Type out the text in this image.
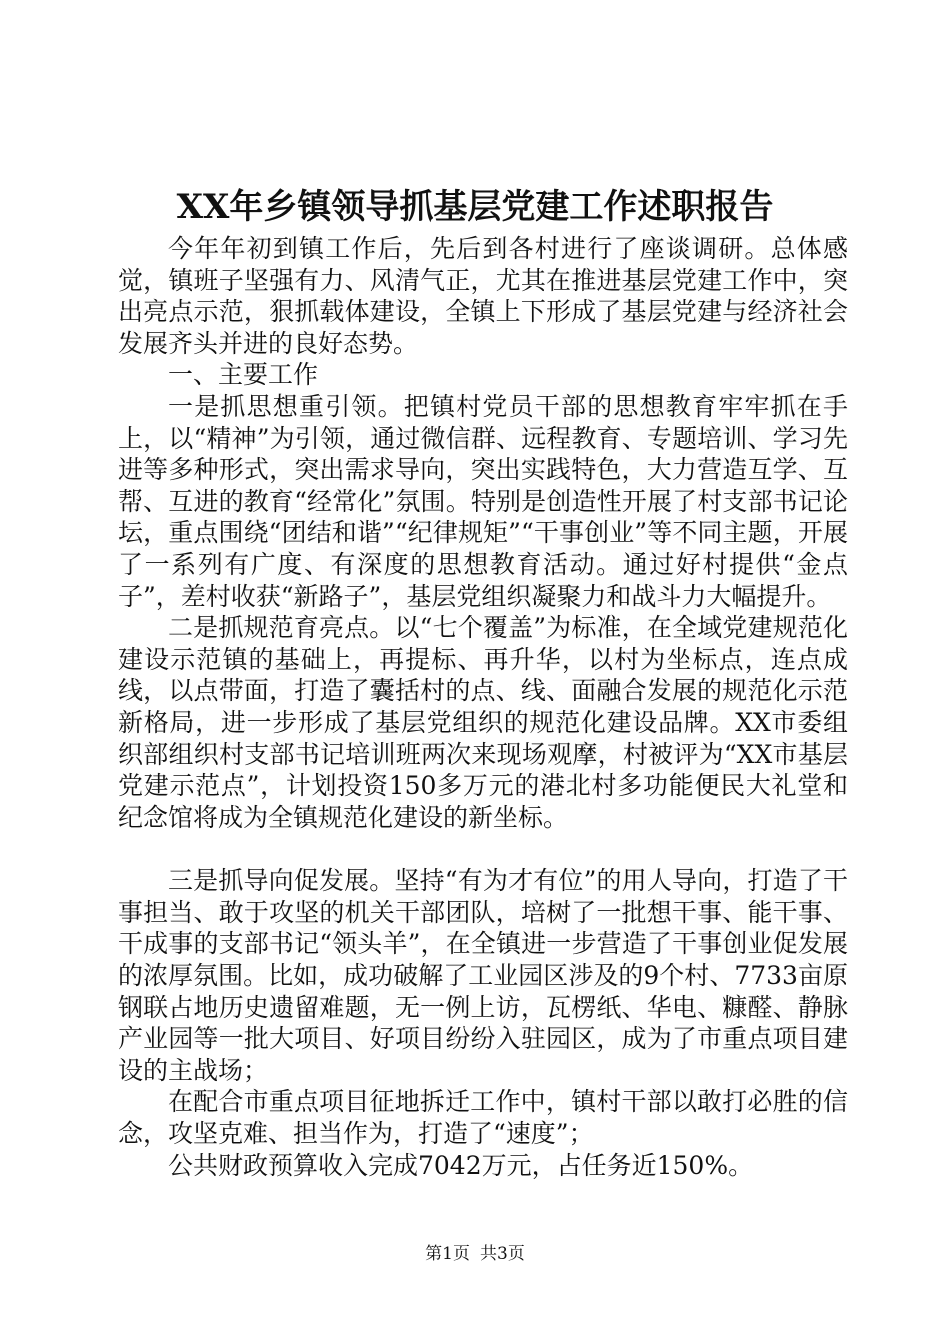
XX年乡镇领导抓基层党建工作述职报告

今年年初到镇工作后，先后到各村进行了座谈调研。总体感觉，镇班子坚强有力、风清气正，尤其在推进基层党建工作中，突出亮点示范，狠抓载体建设，全镇上下形成了基层党建与经济社会发展齐头并进的良好态势。

一、主要工作

一是抓思想重引领。把镇村党员干部的思想教育牢牢抓在手上，以“精神”为引领，通过微信群、远程教育、专题培训、学习先进等多种形式，突出需求导向，突出实践特色，大力营造互学、互帮、互进的教育“经常化”氛围。特别是创造性开展了村支部书记论坛，重点围绕“团结和谐”“纪律规矩”“干事创业”等不同主题，开展了一系列有广度、有深度的思想教育活动。通过好村提供“金点子”，差村收获“新路子”，基层党组织凝聚力和战斗力大幅提升。

二是抓规范育亮点。以“七个覆盖”为标准，在全域党建规范化建设示范镇的基础上，再提标、再升华，以村为坐标点，连点成线，以点带面，打造了囊括村的点、线、面融合发展的规范化示范新格局，进一步形成了基层党组织的规范化建设品牌。XX市委组织部组织村支部书记培训班两次来现场观摩，村被评为“XX市基层党建示范点”，计划投资150多万元的港北村多功能便民大礼堂和纪念馆将成为全镇规范化建设的新坐标。

三是抓导向促发展。坚持“有为才有位”的用人导向，打造了干事担当、敢于攻坚的机关干部团队，培树了一批想干事、能干事、干成事的支部书记“领头羊”，在全镇进一步营造了干事创业促发展的浓厚氛围。比如，成功破解了工业园区涉及的9个村、7733亩原钢联占地历史遗留难题，无一例上访，瓦楞纸、华电、糠醛、静脉产业园等一批大项目、好项目纷纷入驻园区，成为了市重点项目建设的主战场；

在配合市重点项目征地拆迁工作中，镇村干部以敢打必胜的信念，攻坚克难、担当作为，打造了“速度”；

公共财政预算收入完成7042万元，占任务近150%。

第1页 共3页
